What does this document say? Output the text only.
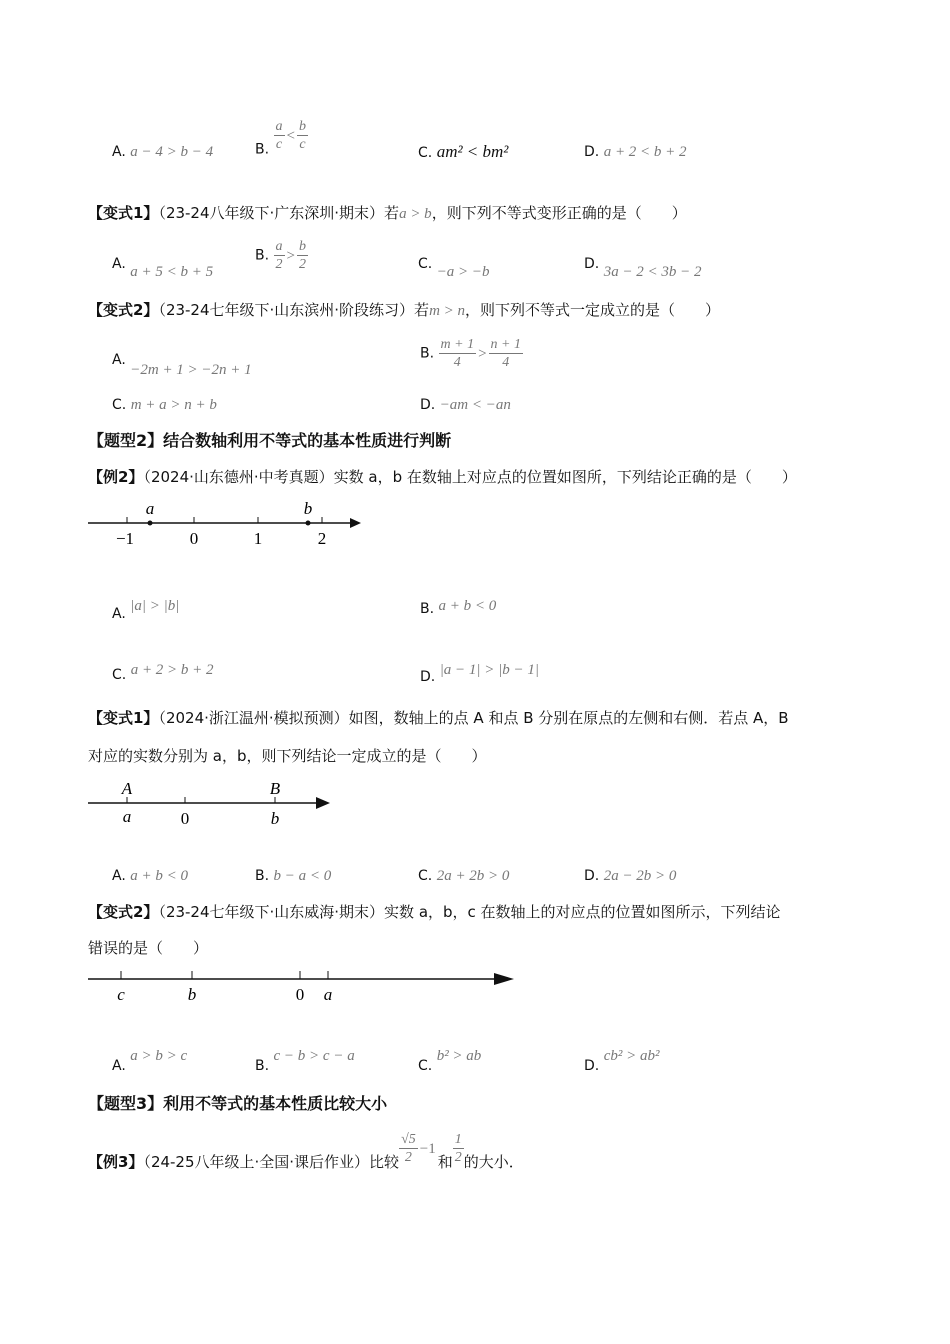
A. a − 4 > b − 4	B. $\frac{a}{c} < \frac{b}{c}$	C. am² < bm²	D. a + 2 < b + 2
【变式1】（23-24八年级下·广东深圳·期末）若a > b，则下列不等式变形正确的是（　　）
A. a + 5 < b + 5
B. $\frac{a}{2} > \frac{b}{2}$	C. −a > −b	D. 3a − 2 < 3b − 2
【变式2】（23-24七年级下·山东滨州·阶段练习）若m > n，则下列不等式一定成立的是（　　）
A. −2m + 1 > −2n + 1
B. $\frac{m + 1}{4} > \frac{n + 1}{4}$
C. m + a > n + b	D. −am < −an
【题型2】结合数轴利用不等式的基本性质进行判断
【例2】（2024·山东德州·中考真题）实数 a，b 在数轴上对应点的位置如图所，下列结论正确的是（　　）
a	b
−1	0	1	2
A. |a| > |b|	B. a + b < 0
C. a + 2 > b + 2	D. |a − 1| > |b − 1|
【变式1】（2024·浙江温州·模拟预测）如图，数轴上的点 A 和点 B 分别在原点的左侧和右侧．若点 A，B
对应的实数分别为 a，b，则下列结论一定成立的是（　　）
A	B
a	0	b
A. a + b < 0	B. b − a < 0	C. 2a + 2b > 0	D. 2a − 2b > 0
【变式2】（23-24七年级下·山东威海·期末）实数 a，b，c 在数轴上的对应点的位置如图所示，下列结论
错误的是（　　）
c	b	0 a
A. a > b > c
B. c − b > c − a
C. b² > ab
D. cb² > ab²
【题型3】利用不等式的基本性质比较大小
【例3】（24-25八年级上·全国·课后作业）比较 $\frac{√5}{2} -1$和 $\frac{1}{2}$ 的大小．
